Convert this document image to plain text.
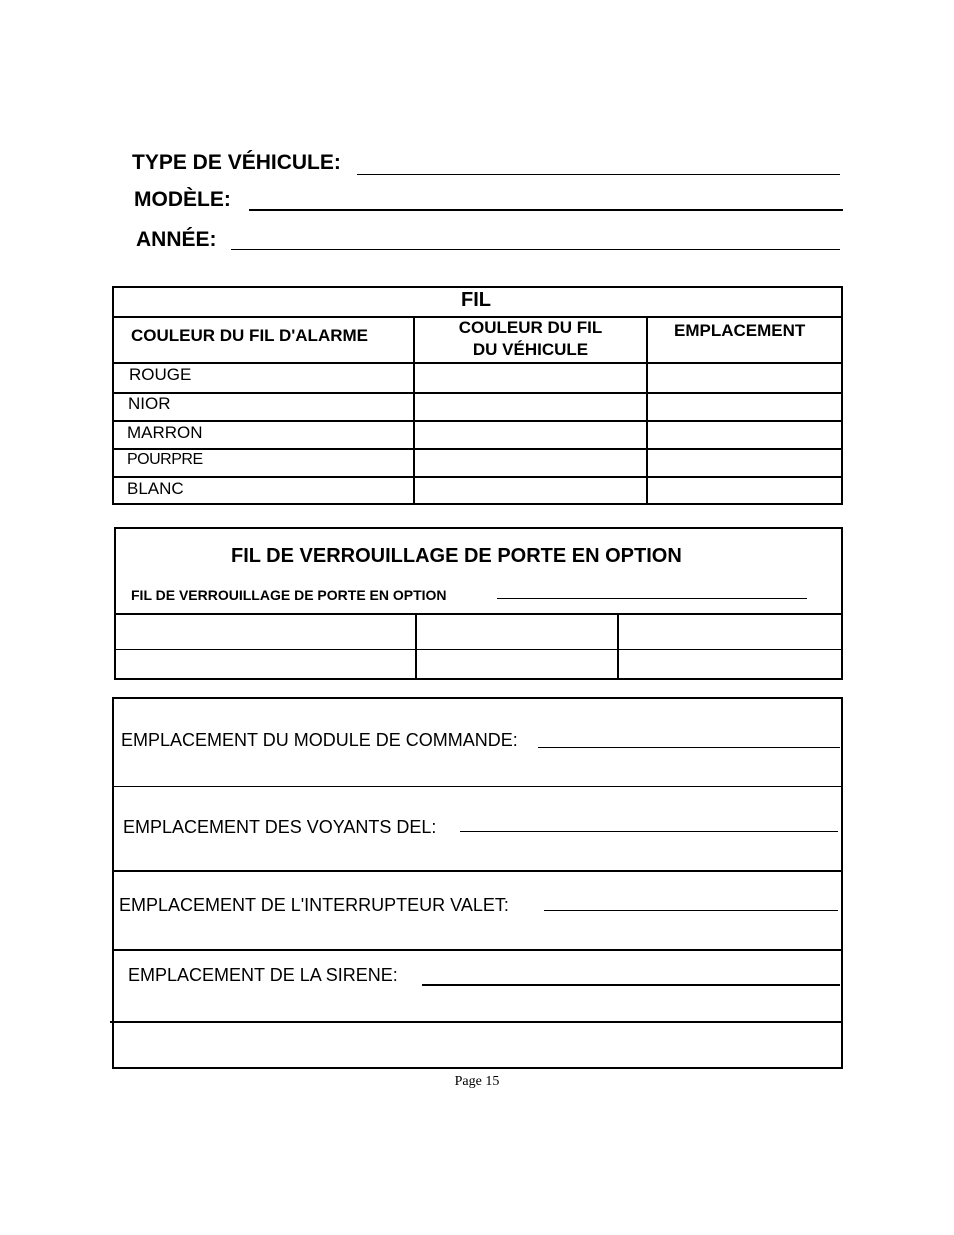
TYPE DE VÉHICULE:
MODÈLE:
ANNÉE:
FIL
COULEUR DU FIL D'ALARME	COULEUR DU FIL
DU VÉHICULE
EMPLACEMENT
ROUGE
NIOR
MARRON
POURPRE
BLANC
FIL DE VERROUILLAGE DE PORTE EN OPTION
FIL DE VERROUILLAGE DE PORTE EN OPTION
EMPLACEMENT DU MODULE DE COMMANDE:
EMPLACEMENT DES VOYANTS DEL:
EMPLACEMENT DE L'INTERRUPTEUR VALET:
EMPLACEMENT DE LA SIRENE:
Page 15
